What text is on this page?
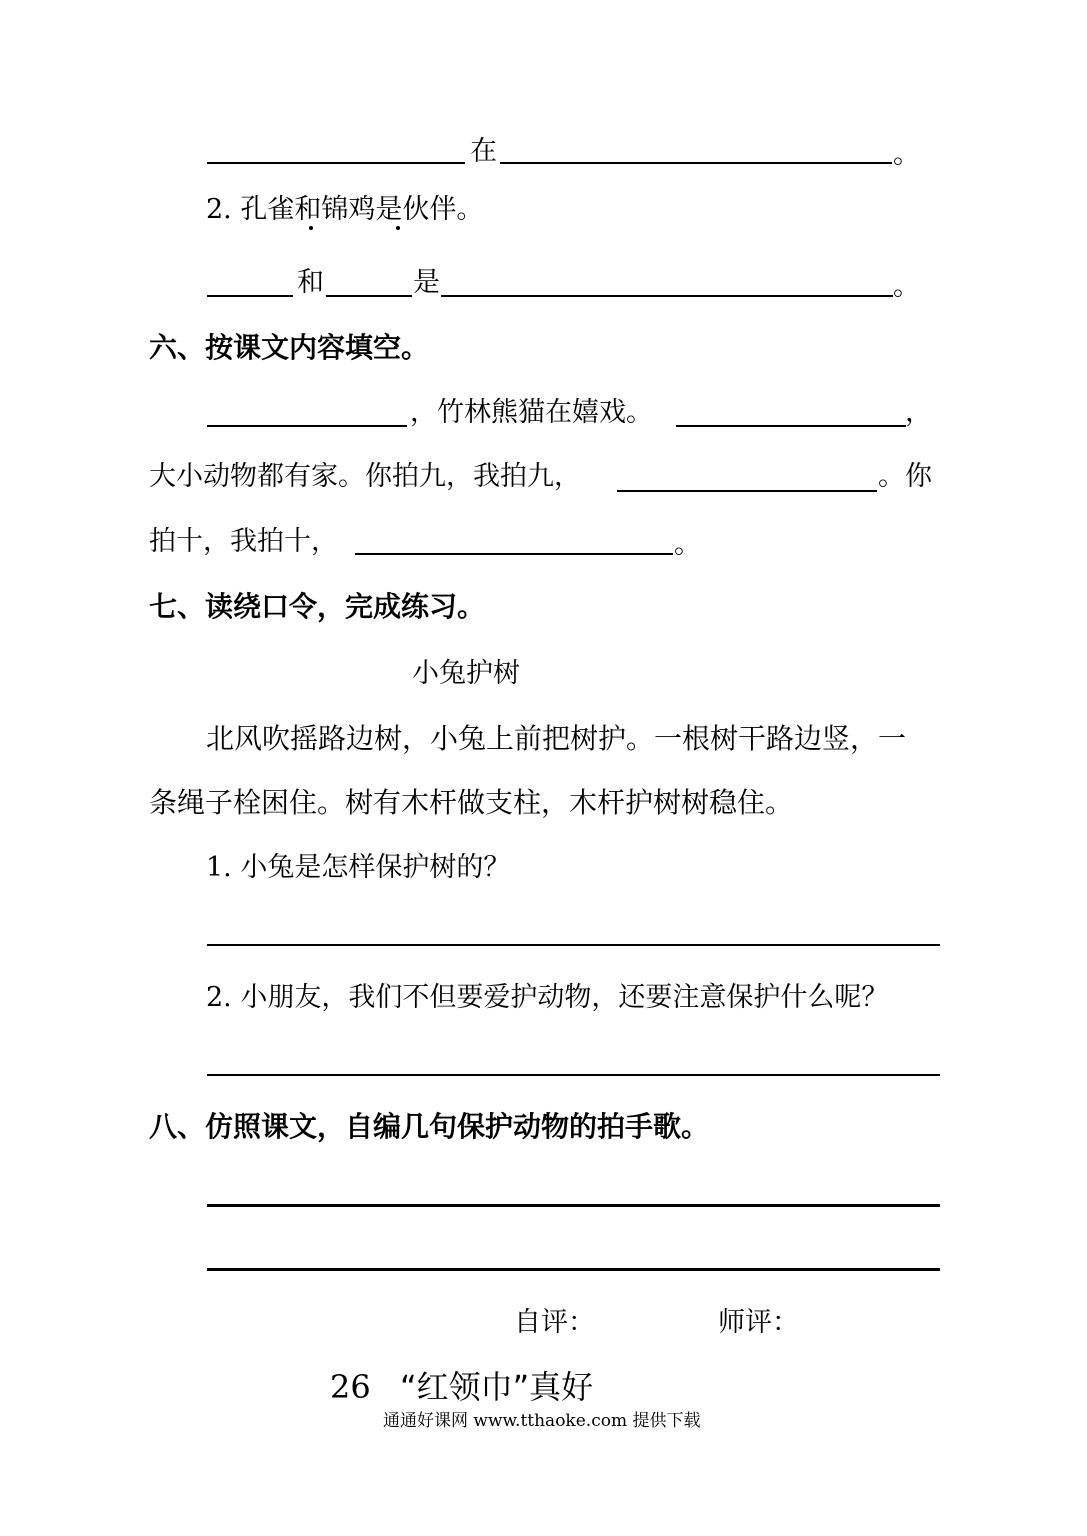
在	。
2. 孔雀和锦鸡是伙伴。
和	是	。
六、按课文内容填空。
，竹林熊猫在嬉戏。	，
大小动物都有家。你拍九，我拍九，	。你
拍十，我拍十，	。
七、读绕口令，完成练习。
小兔护树
北风吹摇路边树，小兔上前把树护。一根树干路边竖，一
条绳子栓困住。树有木杆做支柱，木杆护树树稳住。
1. 小兔是怎样保护树的？
2. 小朋友，我们不但要爱护动物，还要注意保护什么呢？
八、仿照课文，自编几句保护动物的拍手歌。
自评：	师评：
26 “红领巾”真好
通通好课网 www.tthaoke.com 提供下载
